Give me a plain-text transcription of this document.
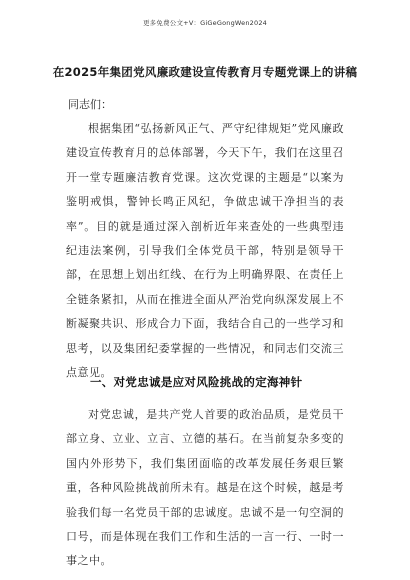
更多免费公文+V：GiGeGongWen2024
在2025年集团党风廉政建设宣传教育月专题党课上的讲稿

同志们：

根据集团“弘扬新风正气、严守纪律规矩”党风廉政建设宣传教育月的总体部署，今天下午，我们在这里召开一堂专题廉洁教育党课。这次党课的主题是“以案为鉴明戒惧，警钟长鸣正风纪，争做忠诚干净担当的表率”。目的就是通过深入剖析近年来查处的一些典型违纪违法案例，引导我们全体党员干部，特别是领导干部，在思想上划出红线、在行为上明确界限、在责任上全链条紧扣，从而在推进全面从严治党向纵深发展上不断凝聚共识、形成合力下面，我结合自己的一些学习和思考，以及集团纪委掌握的一些情况，和同志们交流三点意见。

一、对党忠诚是应对风险挑战的定海神针

对党忠诚，是共产党人首要的政治品质，是党员干部立身、立业、立言、立德的基石。在当前复杂多变的国内外形势下，我们集团面临的改革发展任务艰巨繁重，各种风险挑战前所未有。越是在这个时候，越是考验我们每一名党员干部的忠诚度。忠诚不是一句空洞的口号，而是体现在我们工作和生活的一言一行、一时一事之中。
